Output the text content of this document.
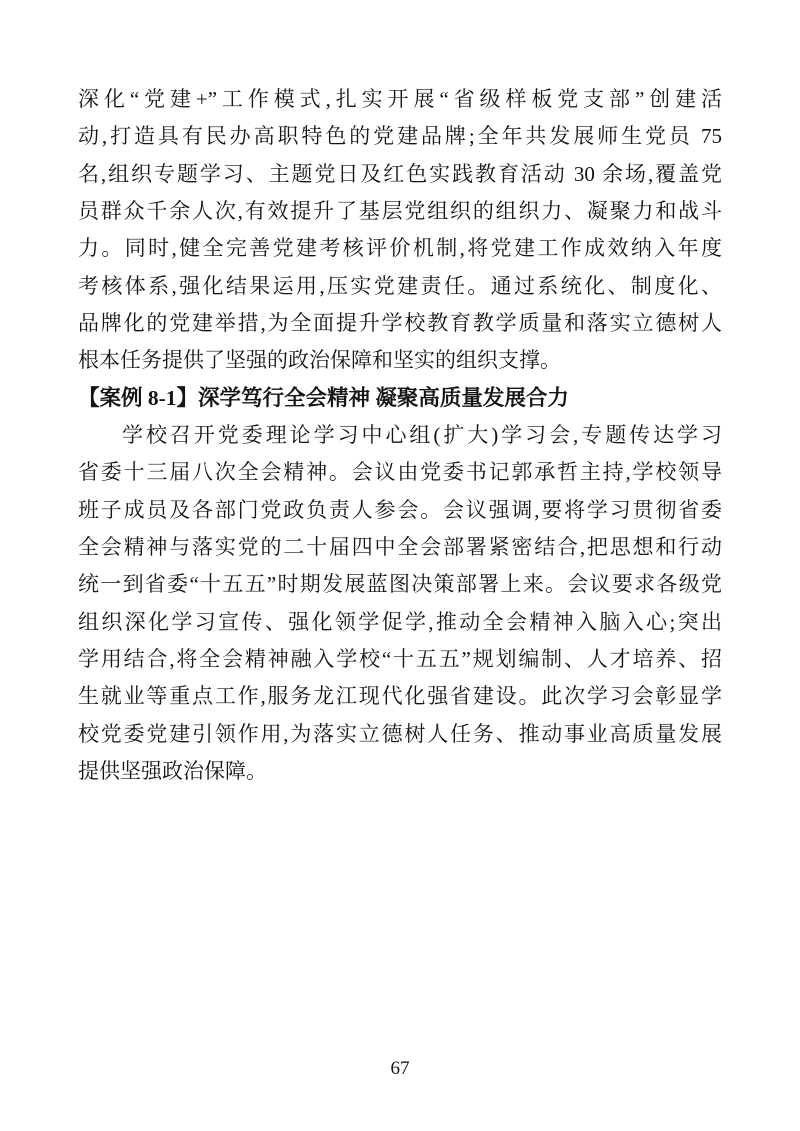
深化“党建+”工作模式,扎实开展“省级样板党支部”创建活
动,打造具有民办高职特色的党建品牌;全年共发展师生党员 75
名,组织专题学习、主题党日及红色实践教育活动 30 余场,覆盖党
员群众千余人次,有效提升了基层党组织的组织力、凝聚力和战斗
力。同时,健全完善党建考核评价机制,将党建工作成效纳入年度
考核体系,强化结果运用,压实党建责任。通过系统化、制度化、
品牌化的党建举措,为全面提升学校教育教学质量和落实立德树人
根本任务提供了坚强的政治保障和坚实的组织支撑。
【案例 8-1】深学笃行全会精神 凝聚高质量发展合力
学校召开党委理论学习中心组(扩大)学习会,专题传达学习
省委十三届八次全会精神。会议由党委书记郭承哲主持,学校领导
班子成员及各部门党政负责人参会。会议强调,要将学习贯彻省委
全会精神与落实党的二十届四中全会部署紧密结合,把思想和行动
统一到省委“十五五”时期发展蓝图决策部署上来。会议要求各级党
组织深化学习宣传、强化领学促学,推动全会精神入脑入心;突出
学用结合,将全会精神融入学校“十五五”规划编制、人才培养、招
生就业等重点工作,服务龙江现代化强省建设。此次学习会彰显学
校党委党建引领作用,为落实立德树人任务、推动事业高质量发展
提供坚强政治保障。
67
